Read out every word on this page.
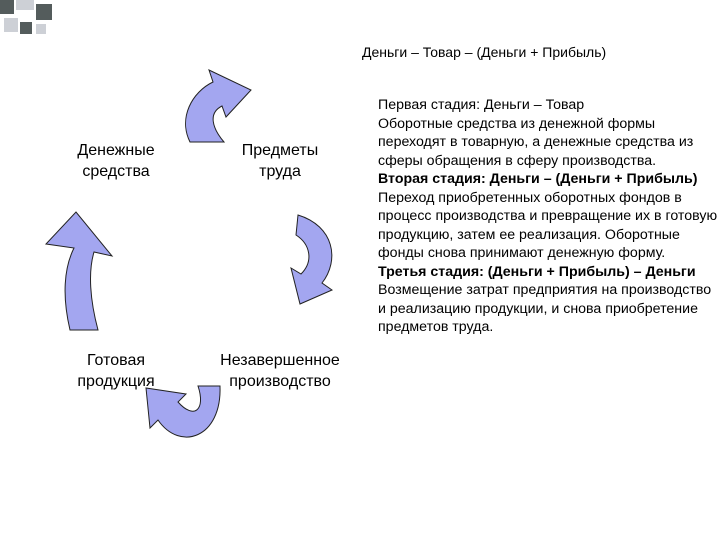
Деньги – Товар – (Деньги + Прибыль)
Денежные
средства
Предметы
труда
Готовая
продукция
Незавершенное
производство
Первая стадия: Деньги – Товар
Оборотные средства из денежной формы переходят в товарную, а денежные средства из сферы обращения в сферу производства.
Вторая стадия: Деньги – (Деньги + Прибыль)
Переход приобретенных оборотных фондов в процесс производства и превращение их в готовую продукцию, затем ее реализация. Оборотные фонды снова принимают денежную форму.
Третья стадия: (Деньги + Прибыль) – Деньги
Возмещение затрат предприятия на производство и реализацию продукции, и снова приобретение предметов труда.
